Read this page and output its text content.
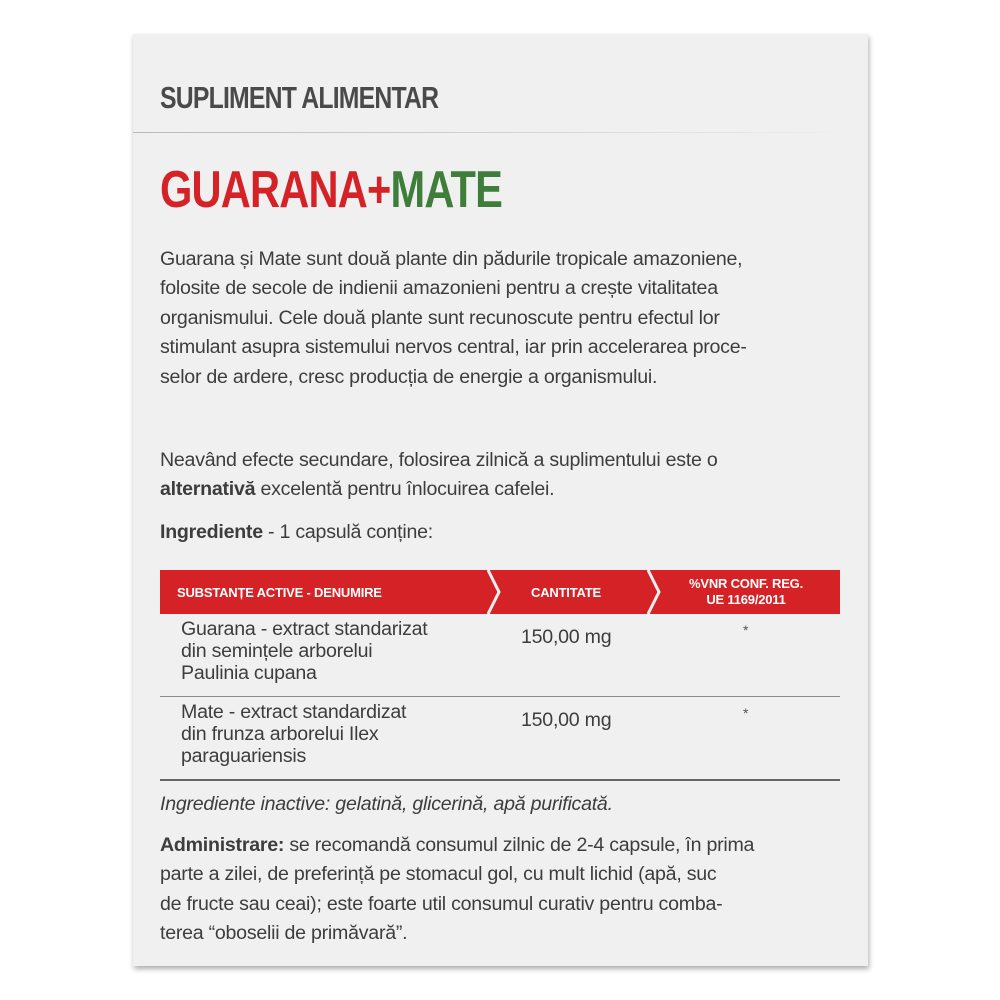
SUPLIMENT ALIMENTAR
GUARANA+MATE
Guarana și Mate sunt două plante din pădurile tropicale amazoniene,
folosite de secole de indienii amazonieni pentru a crește vitalitatea
organismului. Cele două plante sunt recunoscute pentru efectul lor
stimulant asupra sistemului nervos central, iar prin accelerarea proce-
selor de ardere, cresc producția de energie a organismului.
Neavând efecte secundare, folosirea zilnică a suplimentului este o
alternativă excelentă pentru înlocuirea cafelei.
Ingrediente - 1 capsulă conține:
SUBSTANȚE ACTIVE - DENUMIRE	CANTITATE
%VNR CONF. REG.
UE 1169/2011
Guarana - extract standarizat
din semințele arborelui
Paulinia cupana
150,00 mg	*
Mate - extract standardizat
din frunza arborelui Ilex
paraguariensis
150,00 mg	*
Ingrediente inactive: gelatină, glicerină, apă purificată.
Administrare: se recomandă consumul zilnic de 2-4 capsule, în prima
parte a zilei, de preferință pe stomacul gol, cu mult lichid (apă, suc
de fructe sau ceai); este foarte util consumul curativ pentru comba-
terea “oboselii de primăvară”.
